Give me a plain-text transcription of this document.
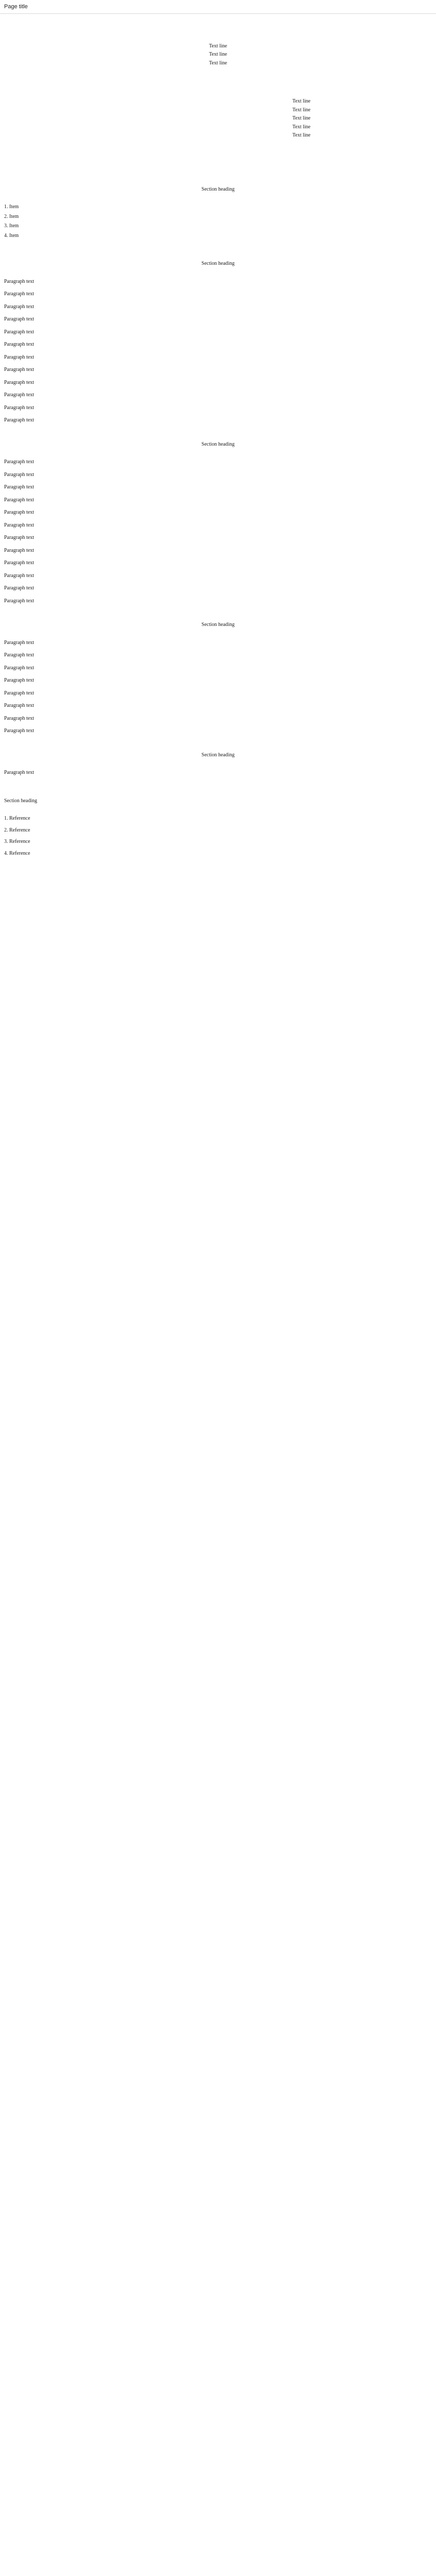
Page title
Text line
Text line
Text line
Text line
Text line
Text line
Text line
Text line
Section heading
1. Item
2. Item
3. Item
4. Item
Section heading

Paragraph text

Paragraph text

Paragraph text

Paragraph text

Paragraph text

Paragraph text

Paragraph text

Paragraph text

Paragraph text

Paragraph text

Paragraph text

Paragraph text

Section heading

Paragraph text

Paragraph text

Paragraph text

Paragraph text

Paragraph text

Paragraph text

Paragraph text

Paragraph text

Paragraph text

Paragraph text

Paragraph text

Paragraph text

Section heading

Paragraph text

Paragraph text

Paragraph text

Paragraph text

Paragraph text

Paragraph text

Paragraph text

Paragraph text

Section heading

Paragraph text

Section heading

1. Reference

2. Reference

3. Reference

4. Reference
